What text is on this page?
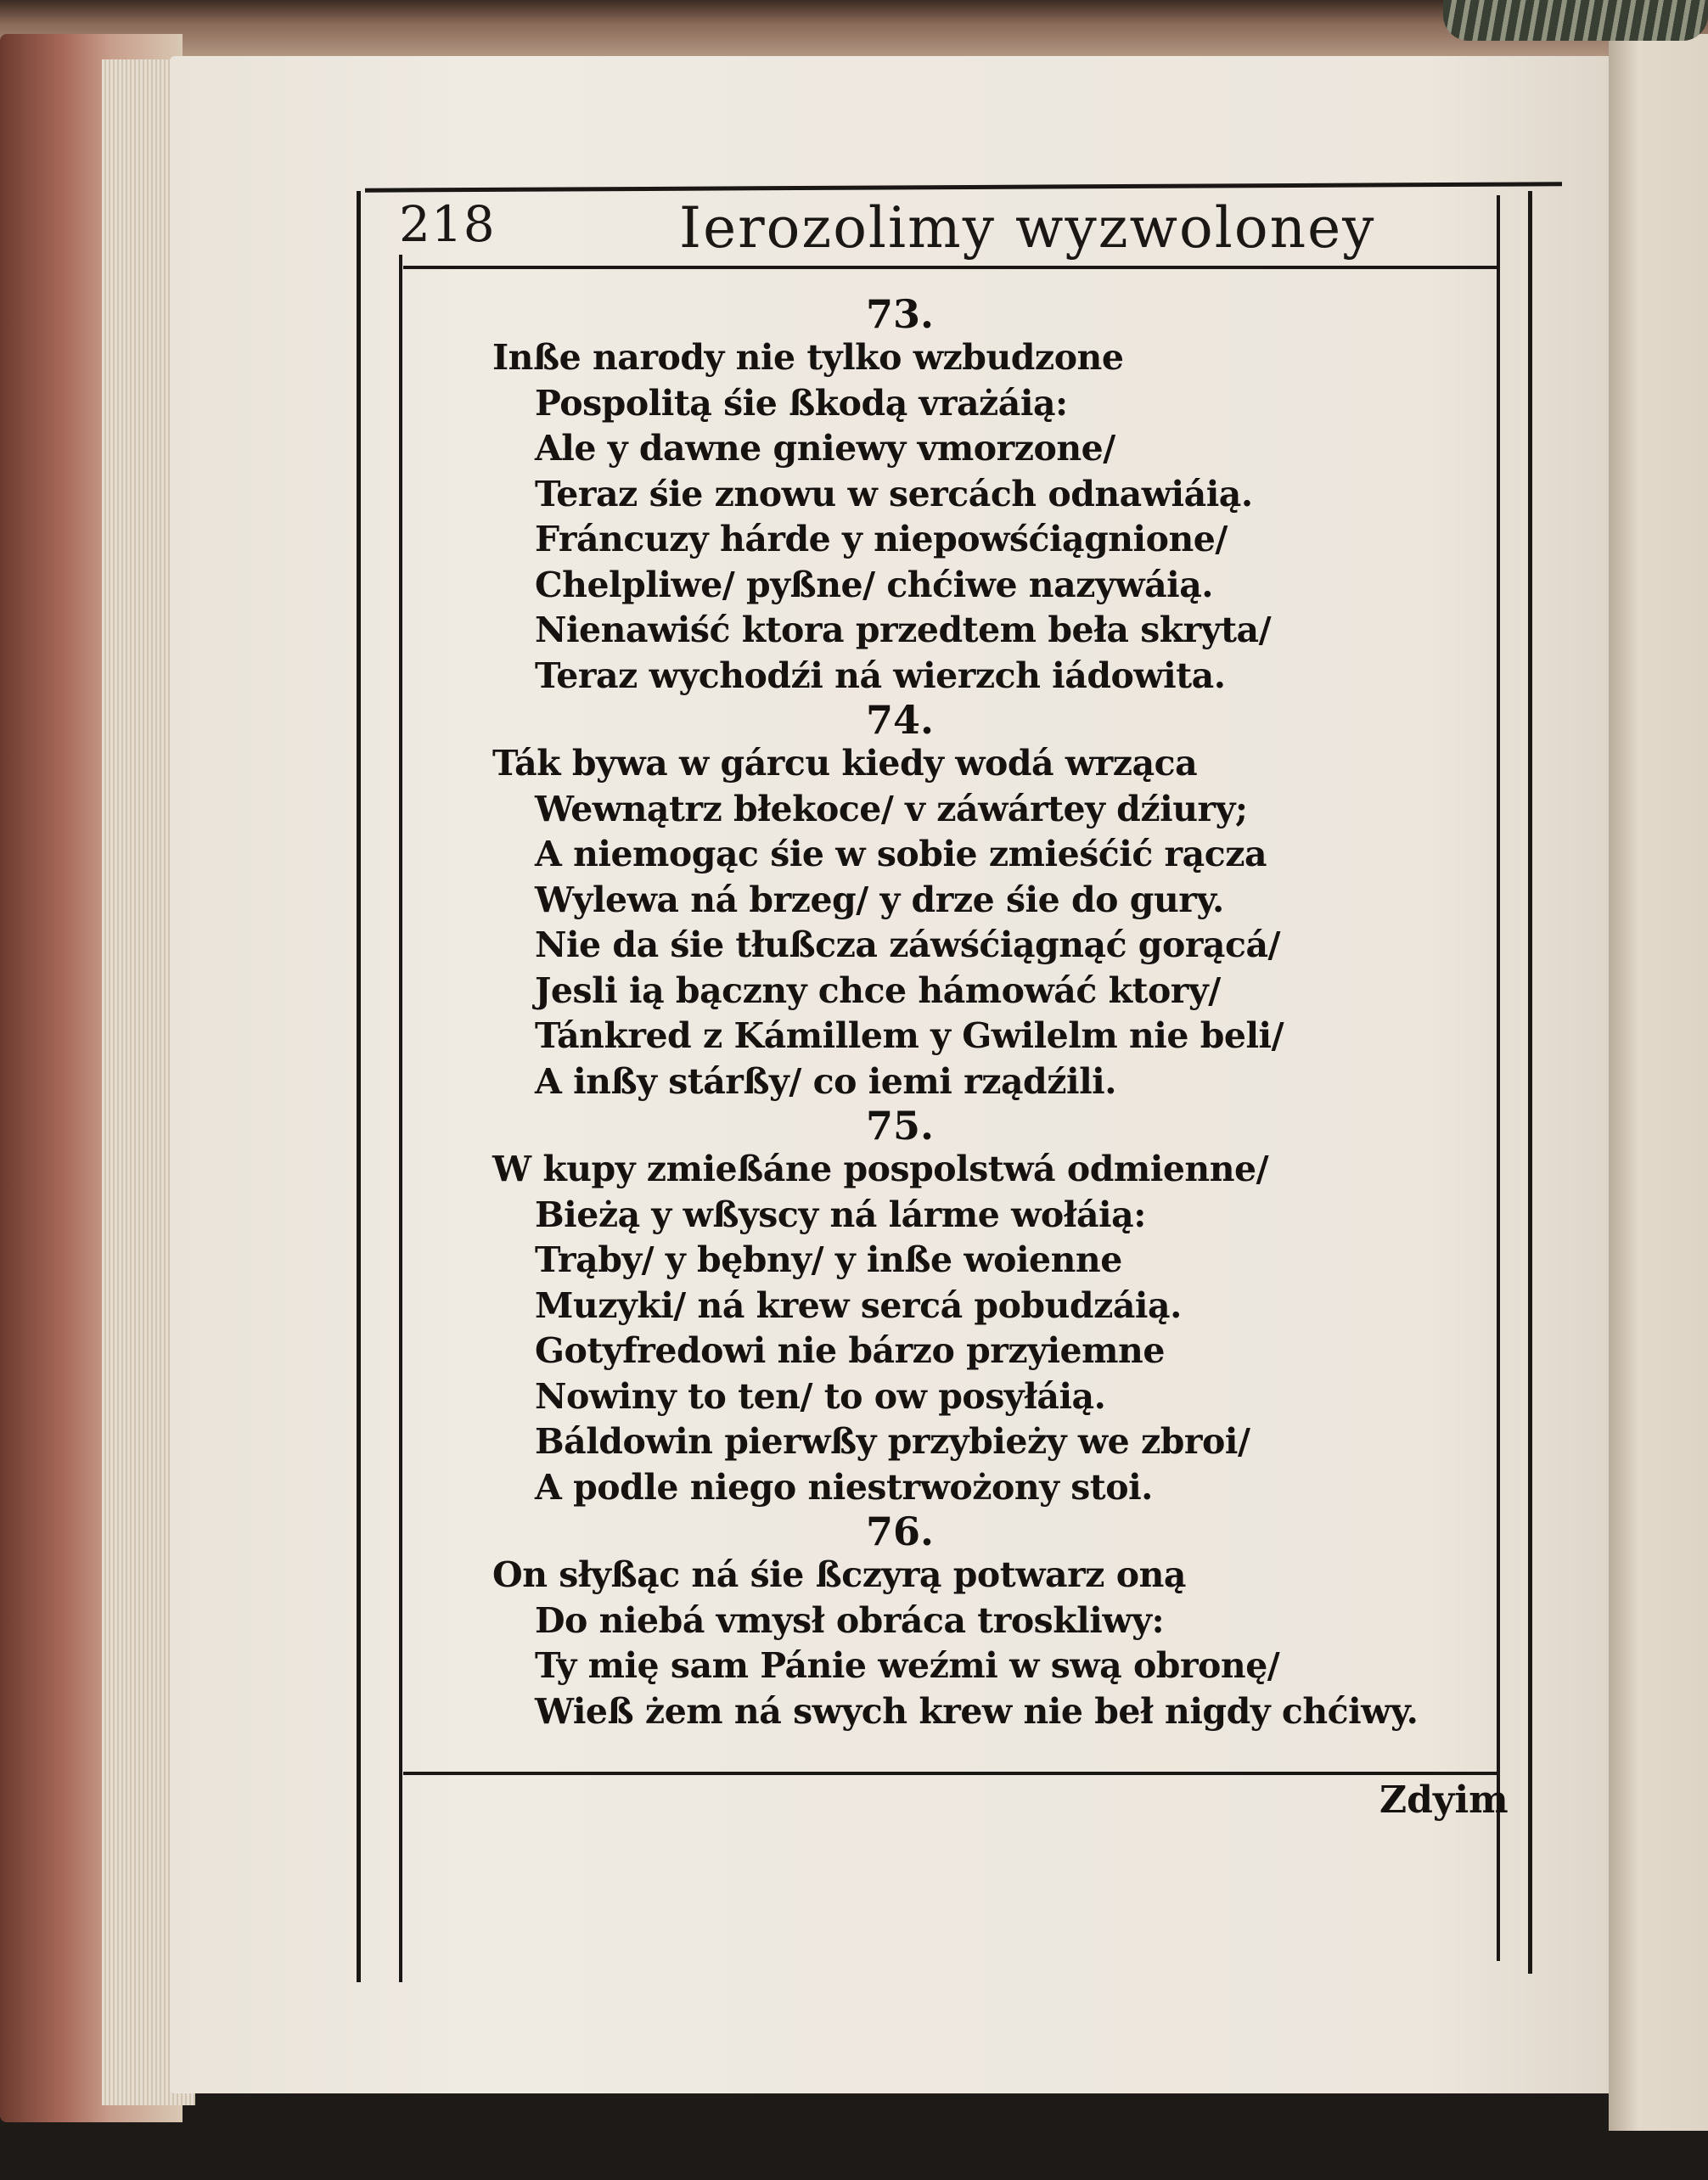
218	Ierozolimy wyzwoloney
73.
Inße narody nie tylko wzbudzone
Pospolitą śie ßkodą vrażáią:
Ale y dawne gniewy vmorzone/
Teraz śie znowu w sercách odnawiáią.
Fráncuzy hárde y niepowśćiągnione/
Chelpliwe/ pyßne/ chćiwe nazywáią.
Nienawiść ktora przedtem beła skryta/
Teraz wychodźi ná wierzch iádowita.
74.
Ták bywa w gárcu kiedy wodá wrząca
Wewnątrz błekoce/ v záwártey dźiury;
A niemogąc śie w sobie zmieśćić rącza
Wylewa ná brzeg/ y drze śie do gury.
Nie da śie tłußcza záwśćiągnąć gorącá/
Jesli ią bączny chce hámowáć ktory/
Tánkred z Kámillem y Gwilelm nie beli/
A inßy stárßy/ co iemi rządźili.
75.
W kupy zmießáne pospolstwá odmienne/
Bieżą y wßyscy ná lárme wołáią:
Trąby/ y bębny/ y inße woienne
Muzyki/ ná krew sercá pobudzáią.
Gotyfredowi nie bárzo przyiemne
Nowiny to ten/ to ow posyłáią.
Báldowin pierwßy przybieży we zbroi/
A podle niego niestrwożony stoi.
76.
On słyßąc ná śie ßczyrą potwarz oną
Do niebá vmysł obráca troskliwy:
Ty mię sam Pánie weźmi w swą obronę/
Wieß żem ná swych krew nie beł nigdy chćiwy.
Zdyim
